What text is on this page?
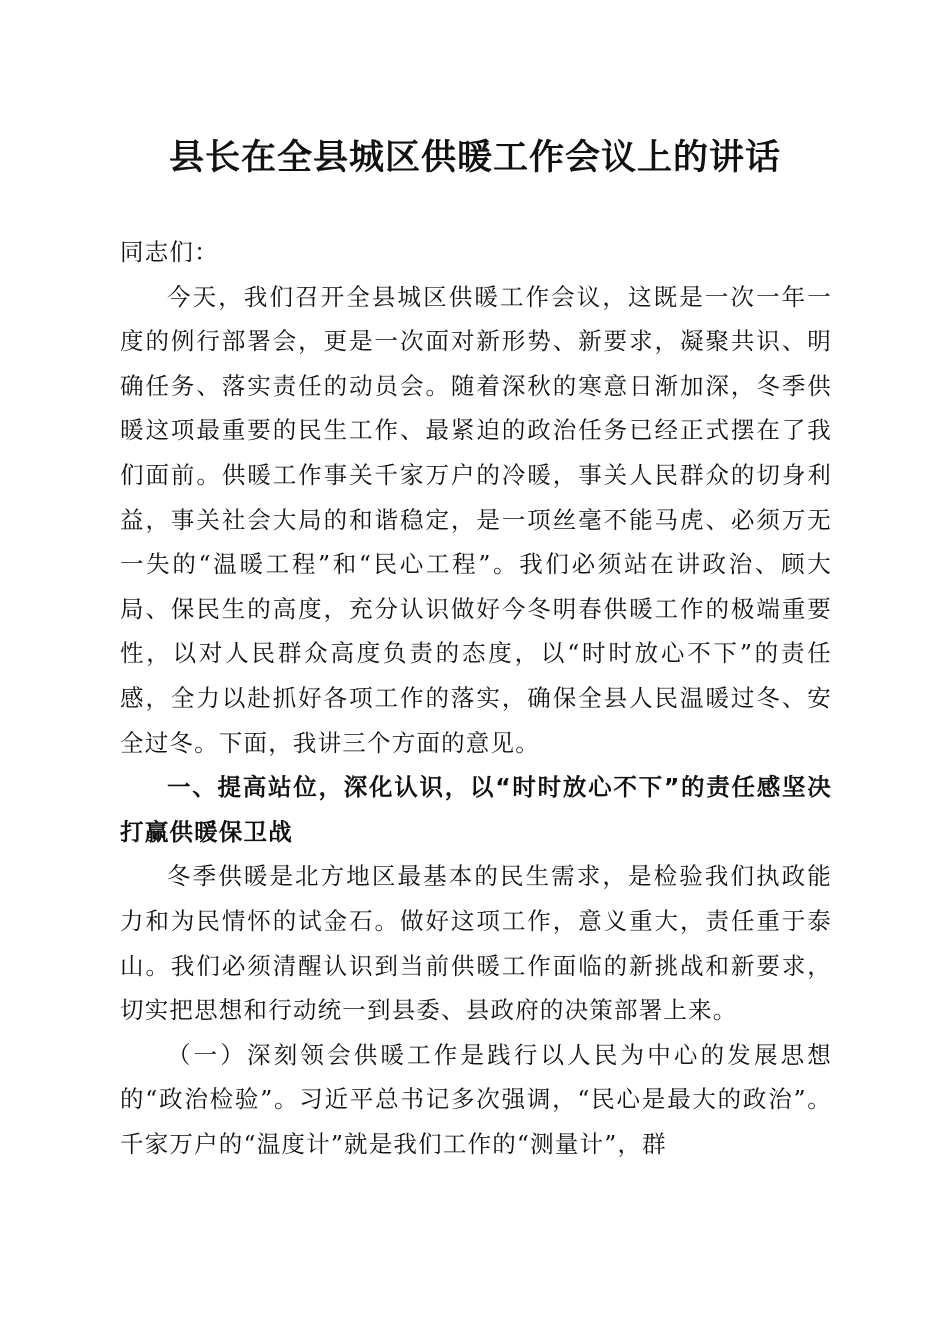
县长在全县城区供暖工作会议上的讲话

同志们：

今天，我们召开全县城区供暖工作会议，这既是一次一年一度的例行部署会，更是一次面对新形势、新要求，凝聚共识、明确任务、落实责任的动员会。随着深秋的寒意日渐加深，冬季供暖这项最重要的民生工作、最紧迫的政治任务已经正式摆在了我们面前。供暖工作事关千家万户的冷暖，事关人民群众的切身利益，事关社会大局的和谐稳定，是一项丝毫不能马虎、必须万无一失的“温暖工程”和“民心工程”。我们必须站在讲政治、顾大局、保民生的高度，充分认识做好今冬明春供暖工作的极端重要性，以对人民群众高度负责的态度，以“时时放心不下”的责任感，全力以赴抓好各项工作的落实，确保全县人民温暖过冬、安全过冬。下面，我讲三个方面的意见。

一、提高站位，深化认识，以“时时放心不下”的责任感坚决打赢供暖保卫战

冬季供暖是北方地区最基本的民生需求，是检验我们执政能力和为民情怀的试金石。做好这项工作，意义重大，责任重于泰山。我们必须清醒认识到当前供暖工作面临的新挑战和新要求，切实把思想和行动统一到县委、县政府的决策部署上来。

（一）深刻领会供暖工作是践行以人民为中心的发展思想的“政治检验”。习近平总书记多次强调，“民心是最大的政治”。千家万户的“温度计”就是我们工作的“测量计”，群
